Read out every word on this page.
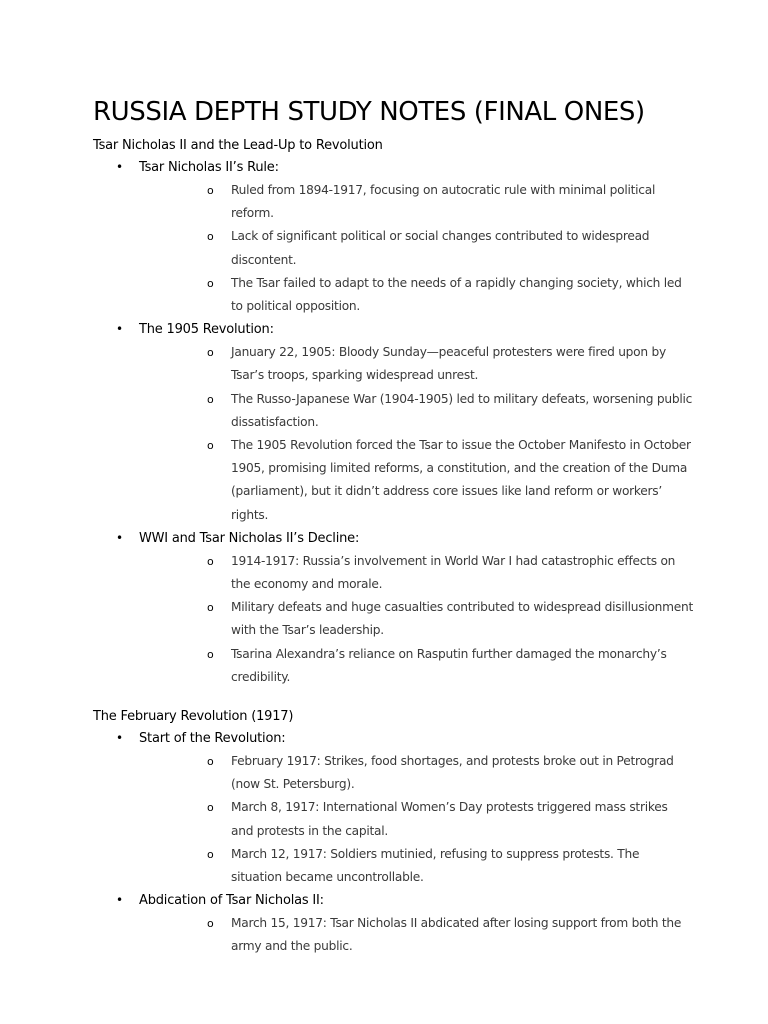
RUSSIA DEPTH STUDY NOTES (FINAL ONES)
Tsar Nicholas II and the Lead-Up to Revolution
• Tsar Nicholas II’s Rule:
o Ruled from 1894-1917, focusing on autocratic rule with minimal political reform.
o Lack of significant political or social changes contributed to widespread discontent.
o The Tsar failed to adapt to the needs of a rapidly changing society, which led to political opposition.
• The 1905 Revolution:
o January 22, 1905: Bloody Sunday—peaceful protesters were fired upon by Tsar’s troops, sparking widespread unrest.
o The Russo-Japanese War (1904-1905) led to military defeats, worsening public dissatisfaction.
o The 1905 Revolution forced the Tsar to issue the October Manifesto in October 1905, promising limited reforms, a constitution, and the creation of the Duma (parliament), but it didn’t address core issues like land reform or workers’ rights.
• WWI and Tsar Nicholas II’s Decline:
o 1914-1917: Russia’s involvement in World War I had catastrophic effects on the economy and morale.
o Military defeats and huge casualties contributed to widespread disillusionment with the Tsar’s leadership.
o Tsarina Alexandra’s reliance on Rasputin further damaged the monarchy’s credibility.
The February Revolution (1917)
• Start of the Revolution:
o February 1917: Strikes, food shortages, and protests broke out in Petrograd (now St. Petersburg).
o March 8, 1917: International Women’s Day protests triggered mass strikes and protests in the capital.
o March 12, 1917: Soldiers mutinied, refusing to suppress protests. The situation became uncontrollable.
• Abdication of Tsar Nicholas II:
o March 15, 1917: Tsar Nicholas II abdicated after losing support from both the army and the public.
